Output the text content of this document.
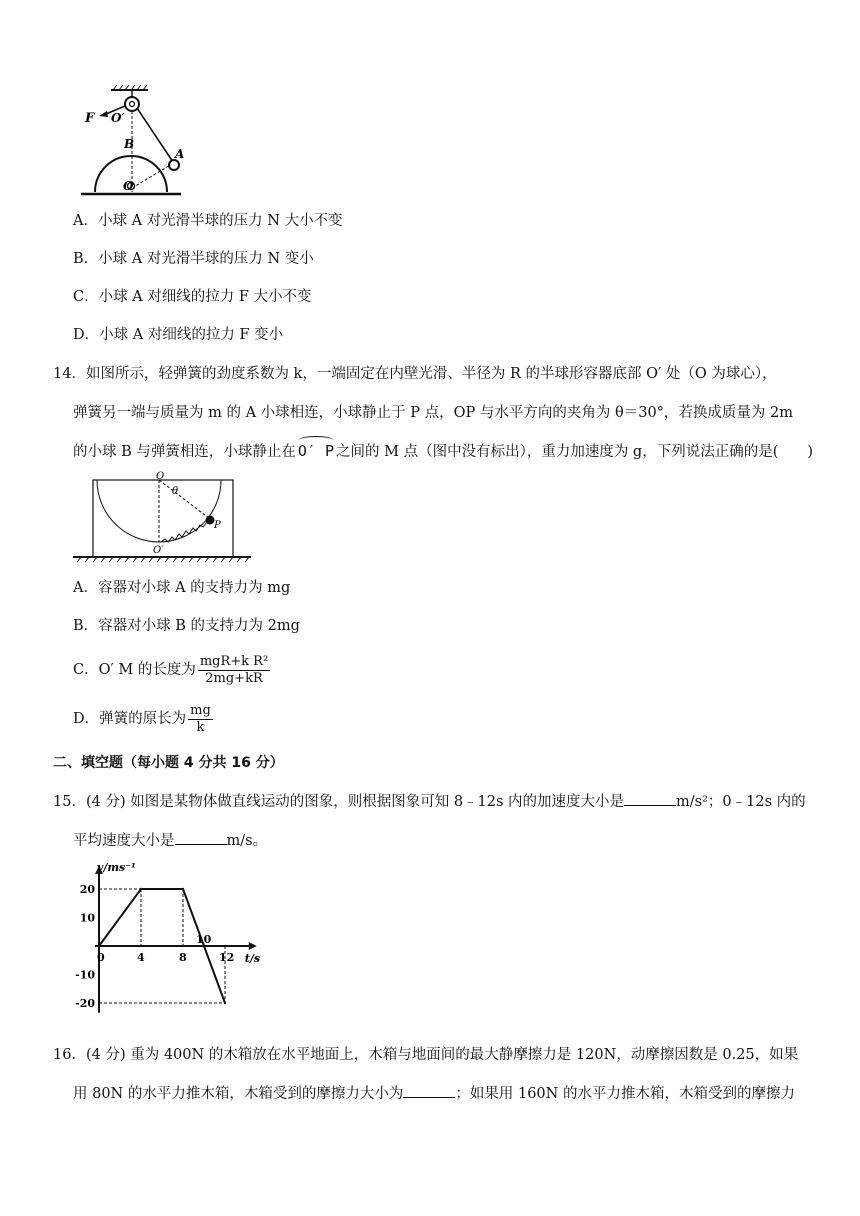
F O′
B
A
O
A．小球 A 对光滑半球的压力 N 大小不变
B．小球 A 对光滑半球的压力 N 变小
C．小球 A 对细线的拉力 F 大小不变
D．小球 A 对细线的拉力 F 变小
14．如图所示，轻弹簧的劲度系数为 k，一端固定在内壁光滑、半径为 R 的半球形容器底部 O′ 处（O 为球心），
弹簧另一端与质量为 m 的 A 小球相连，小球静止于 P 点，OP 与水平方向的夹角为 θ＝30°，若换成质量为 2m
的小球 B 与弹簧相连，小球静止在 O′ P 之间的 M 点（图中没有标出），重力加速度为 g，下列说法正确的是(　　)
O
θ
P
O′
A．容器对小球 A 的支持力为 mg
B．容器对小球 B 的支持力为 2mg
C．O′ M 的长度为 $\frac{\text{mgR+k R²}}{2mg+kR}$
D．弹簧的原长为 $\frac{mg}{k}$
二、填空题（每小题 4 分共 16 分）
15．(4 分) 如图是某物体做直线运动的图象，则根据图象可知 8﹣12s 内的加速度大小是	m/s²；0﹣12s 内的
平均速度大小是	m/s。
v/ms⁻¹
t/s
0	4	8
10
12
20
10
-10
-20
16．(4 分) 重为 400N 的木箱放在水平地面上，木箱与地面间的最大静摩擦力是 120N，动摩擦因数是 0.25，如果
用 80N 的水平力推木箱，木箱受到的摩擦力大小为	；如果用 160N 的水平力推木箱，木箱受到的摩擦力
